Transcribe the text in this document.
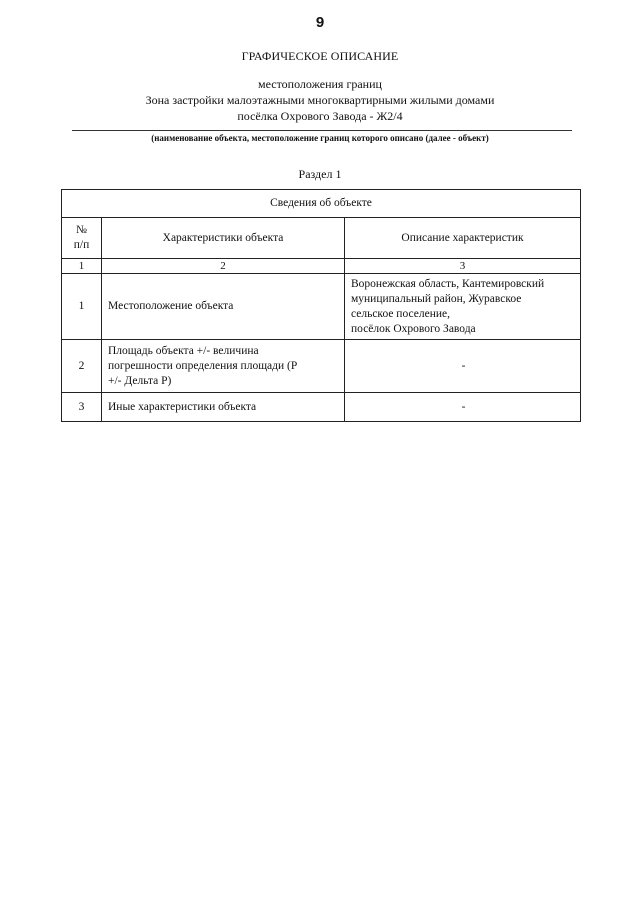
9
ГРАФИЧЕСКОЕ ОПИСАНИЕ
местоположения границ
Зона застройки малоэтажными многоквартирными жилыми домами
посёлка Охрового Завода - Ж2/4
(наименование объекта, местоположение границ которого описано (далее - объект)
Раздел 1
Сведения об объекте		

№
п/п	Характеристики объекта	Описание характеристик
1	2	3
1	Местоположение объекта	Воронежская область, Кантемировский
муниципальный район, Журавское
сельское поселение,
посёлок Охрового Завода

2	Площадь объекта +/- величина
погрешности определения площади (Р
+/- Дельта Р)	-
3	Иные характеристики объекта	-
